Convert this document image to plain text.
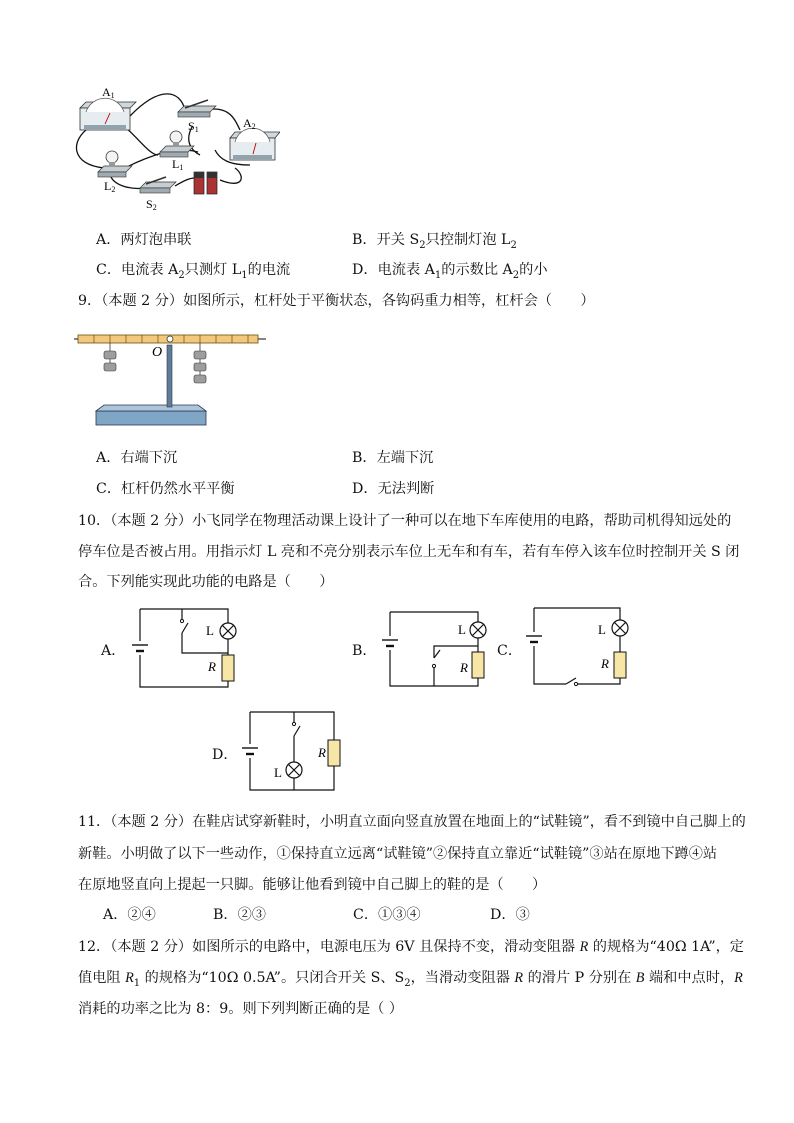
A1
S1
L1
A2
L2
S2
A．两灯泡串联	B．开关 $S_2$只控制灯泡 $L_2$
C．电流表 $A_2$只测灯 $L_1$的电流	D．电流表 $A_1$的示数比 $A_2$的小
9．（本题 2 分）如图所示，杠杆处于平衡状态，各钩码重力相等，杠杆会（　　）
O
A．右端下沉	B．左端下沉
C．杠杆仍然水平平衡	D．无法判断
10．（本题 2 分）小飞同学在物理活动课上设计了一种可以在地下车库使用的电路，帮助司机得知远处的
停车位是否被占用。用指示灯 L 亮和不亮分别表示车位上无车和有车，若有车停入该车位时控制开关 S 闭
合。下列能实现此功能的电路是（　　）
A．
L
R
B．
L
R
C．
L
R
D．
L
R
11．（本题 2 分）在鞋店试穿新鞋时，小明直立面向竖直放置在地面上的“试鞋镜”，看不到镜中自己脚上的
新鞋。小明做了以下一些动作，①保持直立远离“试鞋镜”②保持直立靠近“试鞋镜”③站在原地下蹲④站
在原地竖直向上提起一只脚。能够让他看到镜中自己脚上的鞋的是（　　）
A．②④	B．②③	C．①③④	D．③
12．（本题 2 分）如图所示的电路中，电源电压为 6V 且保持不变，滑动变阻器 R 的规格为“40Ω 1A”，定
值电阻 $R_1$ 的规格为“10Ω 0.5A”。只闭合开关 S、$S_2$，当滑动变阻器 R 的滑片 P 分别在 B 端和中点时，R
消耗的功率之比为 8：9。则下列判断正确的是（ ）
